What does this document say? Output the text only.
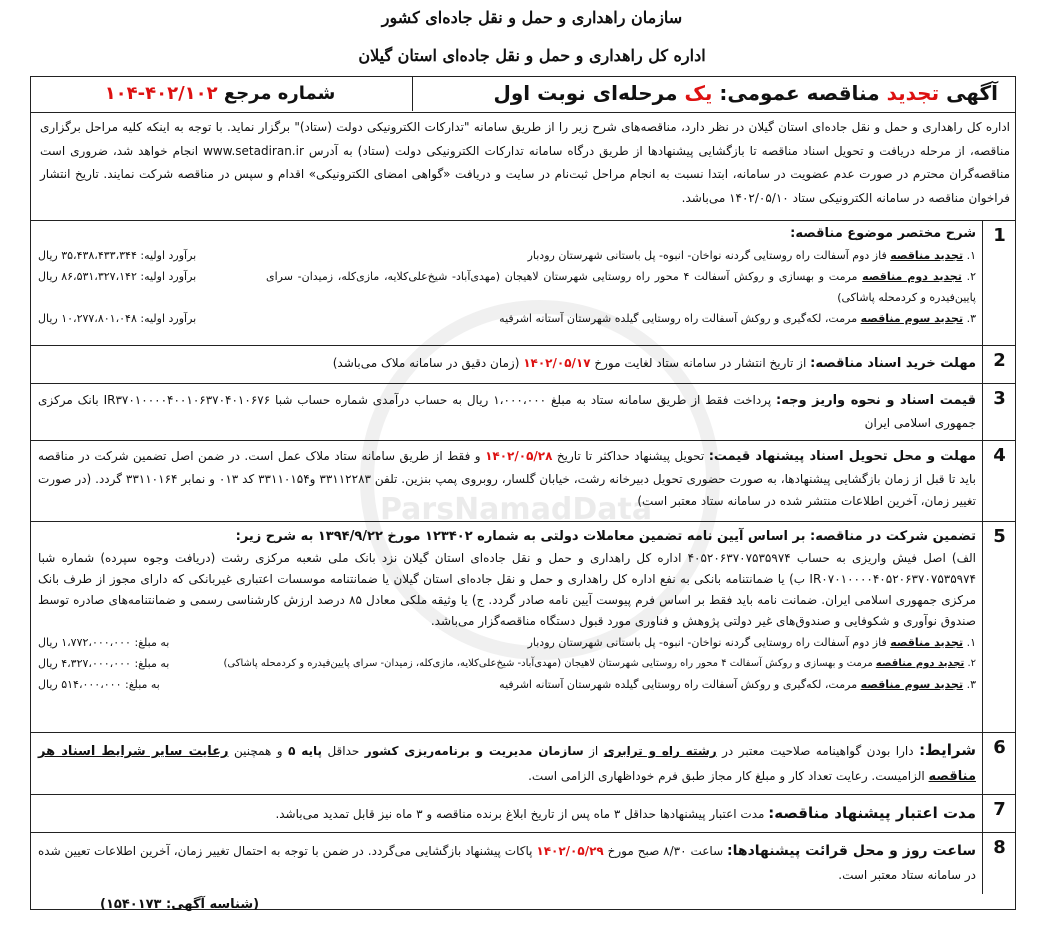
ParsNamadData
سازمان راهداری و حمل و نقل جاده‌ای کشور
اداره کل راهداری و حمل و نقل جاده‌ای استان گیلان
آگهی تجدید مناقصه عمومی: یک مرحله‌ای نوبت اول
شماره مرجع ۴۰۲/۱۰۲-۱۰۴
اداره کل راهداری و حمل و نقل جاده‌ای استان گیلان در نظر دارد، مناقصه‌های شرح زیر را از طریق سامانه "تدارکات الکترونیکی دولت (ستاد)" برگزار نماید. با توجه به اینکه کلیه مراحل برگزاری مناقصه، از مرحله دریافت و تحویل اسناد مناقصه تا بازگشایی پیشنهادها از طریق درگاه سامانه تدارکات الکترونیکی دولت (ستاد) به آدرس www.setadiran.ir انجام خواهد شد، ضروری است مناقصه‌گران محترم در صورت عدم عضویت در سامانه، ابتدا نسبت به انجام مراحل ثبت‌نام در سایت و دریافت «گواهی امضای الکترونیکی» اقدام و سپس در مناقصه شرکت نمایند. تاریخ انتشار فراخوان مناقصه در سامانه الکترونیکی ستاد ۱۴۰۲/۰۵/۱۰ می‌باشد.
1
شرح مختصر موضوع مناقصه:
۱. تجدید مناقصه فاز دوم آسفالت راه روستایی گردنه نواخان- انبوه- پل باستانی شهرستان رودبار
برآورد اولیه: ۳۵،۴۳۸،۴۳۳،۳۴۴ ریال
۲. تجدید دوم مناقصه مرمت و بهسازی و روکش آسفالت ۴ محور راه روستایی شهرستان لاهیجان (مهدی‌آباد- شیخ‌علی‌کلایه، مازی‌کله، زمیدان- سرای پایین‌فیدره و کردمحله پاشاکی)
برآورد اولیه: ۸۶،۵۳۱،۳۲۷،۱۴۲ ریال
۳. تجدید سوم مناقصه مرمت، لکه‌گیری و روکش آسفالت راه روستایی گیلده شهرستان آستانه اشرفیه
برآورد اولیه: ۱۰،۲۷۷،۸۰۱،۰۴۸ ریال
2
مهلت خرید اسناد مناقصه: از تاریخ انتشار در سامانه ستاد لغایت مورخ ۱۴۰۲/۰۵/۱۷ (زمان دقیق در سامانه ملاک می‌باشد)
3
قیمت اسناد و نحوه واریز وجه: پرداخت فقط از طریق سامانه ستاد به مبلغ ۱،۰۰۰،۰۰۰ ریال به حساب درآمدی شماره حساب شبا IR۳۷۰۱۰۰۰۰۴۰۰۱۰۶۳۷۰۴۰۱۰۶۷۶ بانک مرکزی جمهوری اسلامی ایران
4
مهلت و محل تحویل اسناد پیشنهاد قیمت: تحویل پیشنهاد حداکثر تا تاریخ ۱۴۰۲/۰۵/۲۸ و فقط از طریق سامانه ستاد ملاک عمل است. در ضمن اصل تضمین شرکت در مناقصه باید تا قبل از زمان بازگشایی پیشنهادها، به صورت حضوری تحویل دبیرخانه رشت، خیابان گلسار، روبروی پمپ بنزین. تلفن ۳۳۱۱۲۲۸۳ و۳۳۱۱۰۱۵۴ کد ۰۱۳ و نمابر ۳۳۱۱۰۱۶۴ گردد. (در صورت تغییر زمان، آخرین اطلاعات منتشر شده در سامانه ستاد معتبر است)
5
تضمین شرکت در مناقصه: بر اساس آیین نامه تضمین معاملات دولتی به شماره ۱۲۳۴۰۲ مورخ ۱۳۹۴/۹/۲۲ به شرح زیر:
الف) اصل فیش واریزی به حساب ۴۰۵۲۰۶۳۷۰۷۵۳۵۹۷۴ اداره کل راهداری و حمل و نقل جاده‌ای استان گیلان نزد بانک ملی شعبه مرکزی رشت (دریافت وجوه سپرده) شماره شبا IR۰۷۰۱۰۰۰۰۴۰۵۲۰۶۳۷۰۷۵۳۵۹۷۴ ب) یا ضمانتنامه بانکی به نفع اداره کل راهداری و حمل و نقل جاده‌ای استان گیلان یا ضمانتنامه موسسات اعتباری غیربانکی که دارای مجوز از طرف بانک مرکزی جمهوری اسلامی ایران. ضمانت نامه باید فقط بر اساس فرم پیوست آیین نامه صادر گردد. ج) یا وثیقه ملکی معادل ۸۵ درصد ارزش کارشناسی رسمی و ضمانتنامه‌های صادره توسط صندوق نوآوری و شکوفایی و صندوق‌های غیر دولتی پژوهش و فناوری مورد قبول دستگاه مناقصه‌گزار می‌باشد.
۱. تجدید مناقصه فاز دوم آسفالت راه روستایی گردنه نواخان- انبوه- پل باستانی شهرستان رودبار
به مبلغ: ۱،۷۷۲،۰۰۰،۰۰۰ ریال
۲. تجدید دوم مناقصه مرمت و بهسازی و روکش آسفالت ۴ محور راه روستایی شهرستان لاهیجان (مهدی‌آباد- شیخ‌علی‌کلایه، مازی‌کله، زمیدان- سرای پایین‌فیدره و کردمحله پاشاکی)
به مبلغ: ۴،۳۲۷،۰۰۰،۰۰۰ ریال
۳. تجدید سوم مناقصه مرمت، لکه‌گیری و روکش آسفالت راه روستایی گیلده شهرستان آستانه اشرفیه
به مبلغ: ۵۱۴،۰۰۰،۰۰۰ ریال
6
شرایط: دارا بودن گواهینامه صلاحیت معتبر در رشته راه و ترابری از سازمان مدیریت و برنامه‌ریزی کشور حداقل پایه ۵ و همچنین رعایت سایر شرایط اسناد هر مناقصه الزامیست. رعایت تعداد کار و مبلغ کار مجاز طبق فرم خوداظهاری الزامی است.
7
مدت اعتبار پیشنهاد مناقصه: مدت اعتبار پیشنهادها حداقل ۳ ماه پس از تاریخ ابلاغ برنده مناقصه و ۳ ماه نیز قابل تمدید می‌باشد.
8
ساعت روز و محل قرائت پیشنهادها: ساعت ۸/۳۰ صبح مورخ ۱۴۰۲/۰۵/۲۹ پاکات پیشنهاد بازگشایی می‌گردد. در ضمن با توجه به احتمال تغییر زمان، آخرین اطلاعات تعیین شده در سامانه ستاد معتبر است.
(شناسه آگهی: ۱۵۴۰۱۷۳)
